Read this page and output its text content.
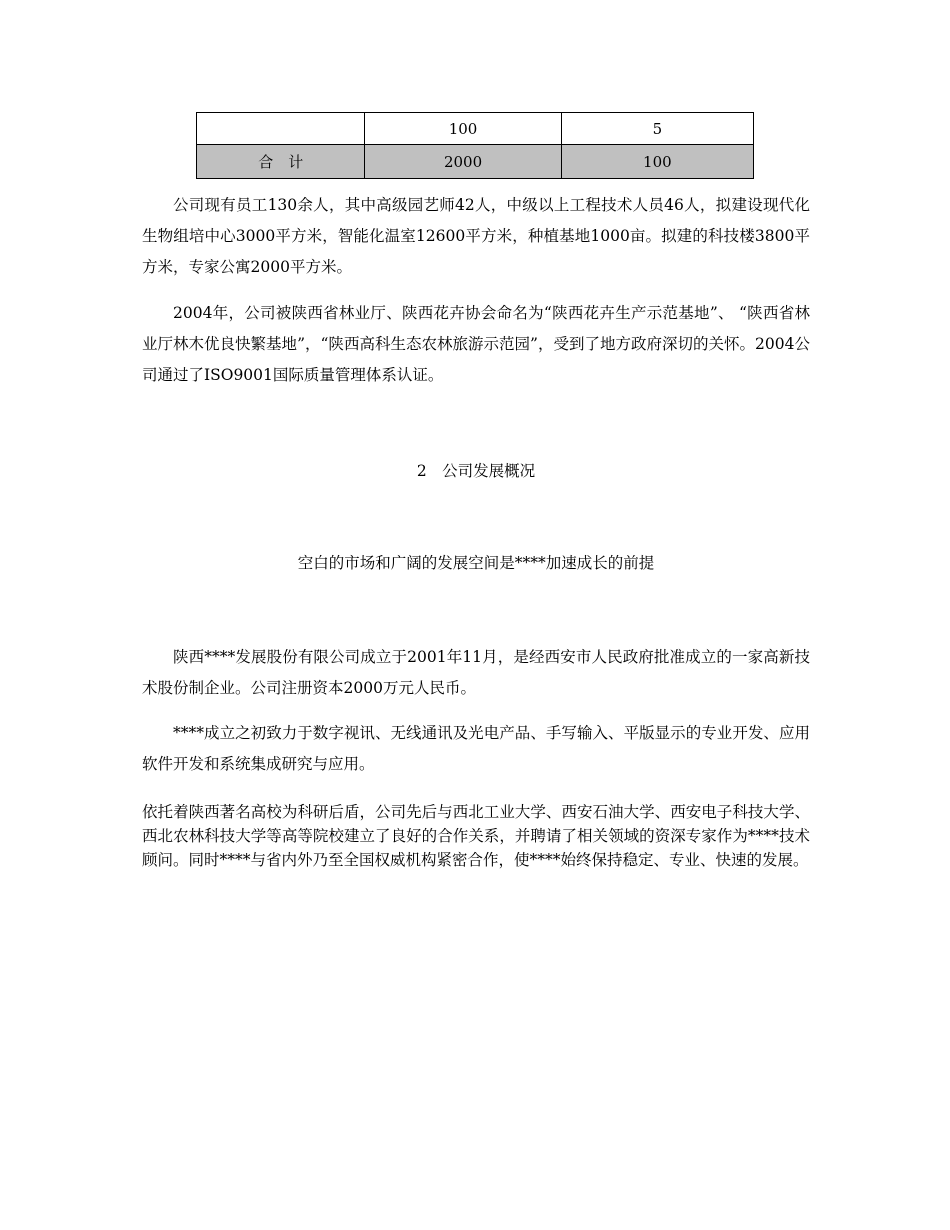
	100	5
合　计	2000	100

公司现有员工130余人，其中高级园艺师42人，中级以上工程技术人员46人，拟建设现代化生物组培中心3000平方米，智能化温室12600平方米，种植基地1000亩。拟建的科技楼3800平方米，专家公寓2000平方米。

2004年，公司被陕西省林业厅、陕西花卉协会命名为“陕西花卉生产示范基地”、 “陕西省林业厅林木优良快繁基地”，“陕西高科生态农林旅游示范园”，受到了地方政府深切的关怀。2004公司通过了ISO9001国际质量管理体系认证。

2　公司发展概况

空白的市场和广阔的发展空间是****加速成长的前提

陕西****发展股份有限公司成立于2001年11月，是经西安市人民政府批准成立的一家高新技术股份制企业。公司注册资本2000万元人民币。

****成立之初致力于数字视讯、无线通讯及光电产品、手写输入、平版显示的专业开发、应用软件开发和系统集成研究与应用。

依托着陕西著名高校为科研后盾，公司先后与西北工业大学、西安石油大学、西安电子科技大学、西北农林科技大学等高等院校建立了良好的合作关系，并聘请了相关领域的资深专家作为****技术顾问。同时****与省内外乃至全国权威机构紧密合作，使****始终保持稳定、专业、快速的发展。
